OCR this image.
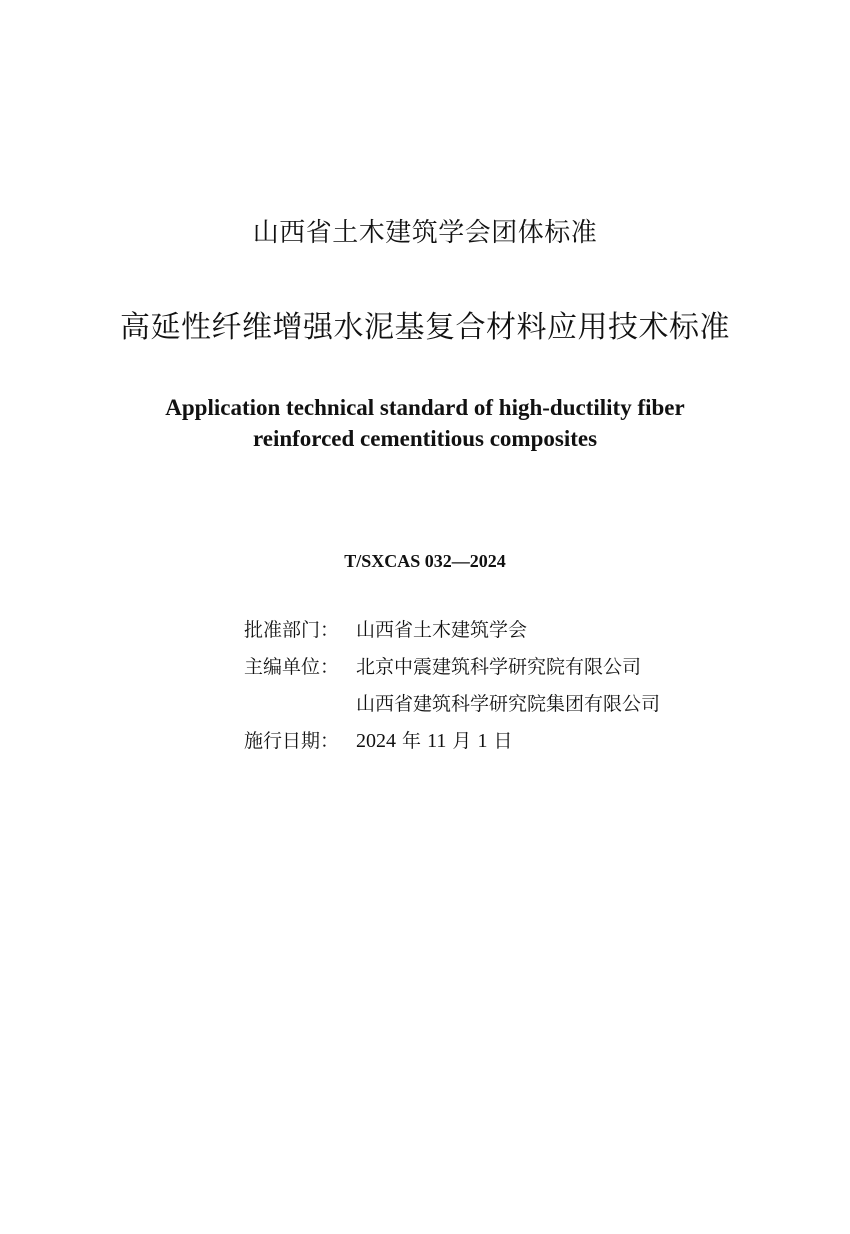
山西省土木建筑学会团体标准
高延性纤维增强水泥基复合材料应用技术标准
Application technical standard of high-ductility fiber
reinforced cementitious composites
T/SXCAS 032—2024
批准部门： 山西省土木建筑学会
主编单位： 北京中震建筑科学研究院有限公司
山西省建筑科学研究院集团有限公司
施行日期： 2024 年 11 月 1 日
